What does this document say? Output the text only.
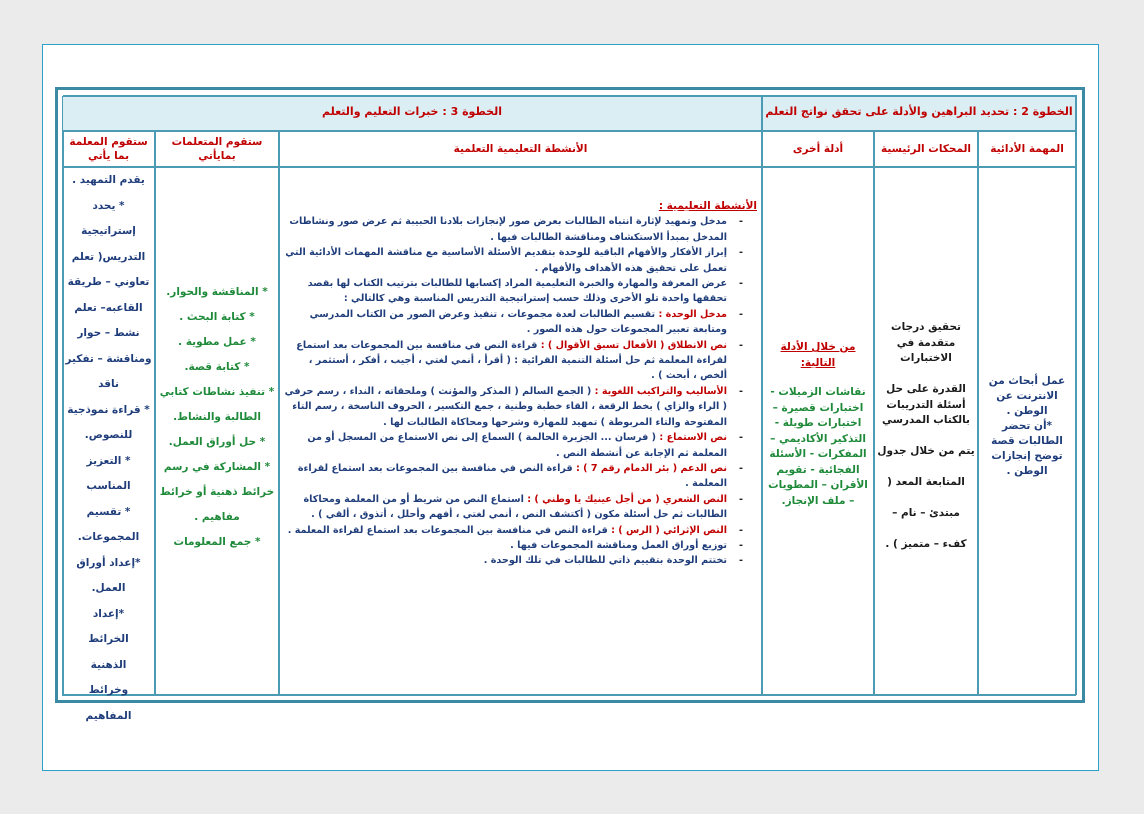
الخطوة 2 : تحديد البراهين والأدلة على تحقق نواتج التعلم
الخطوة 3 : خبرات التعليم والتعلم
المهمة الأدائية
المحكات الرئيسية
أدلة أخرى
الأنشطة التعليمية التعلمية
ستقوم المتعلمات بمايأتي
ستقوم المعلمة بما يأتي

عمل أبحاث من

الانترنت عن

الوطن .

*أن تحضر

الطالبات قصة

توضح إنجازات

الوطن .

تحقيق درجات

متقدمة في

الاختبارات

القدرة على حل

أسئلة التدريبات

بالكتاب المدرسي

يتم من خلال جدول

المتابعة المعد (

مبتدئ – نام –

كفء – متميز ) .

من خلال الأدلة

التالية:

نقاشات الزميلات -

اختبارات قصيرة –

اختبارات طويلة -

التذكير الأكاديمي –

المفكرات - الأسئلة

الفجائية - تقويم

الأقران – المطويات

– ملف الإنجاز.

الأنشطة التعليمية :

- مدخل وتمهيد لإثارة انتباه الطالبات بعرض صور لإنجازات بلادنا الحبيبة ثم عرض صور ونشاطات المدخل بمبدأ الاستكشاف ومناقشة الطالبات فيها .

- إبراز الأفكار والأفهام الباقية للوحدة بتقديم الأسئلة الأساسية مع مناقشة المهمات الأدائية التي تعمل على تحقيق هذه الأهداف والأفهام .

- عرض المعرفة والمهارة والخبرة التعليمية المراد إكسابها للطالبات بترتيب الكتاب لها بقصد تحققها واحدة تلو الأخرى وذلك حسب إستراتيجية التدريس المناسبة وهي كالتالي :

- مدخل الوحدة : تقسيم الطالبات لعدة مجموعات ، تنفيذ وعرض الصور من الكتاب المدرسي ومتابعة تعبير المجموعات حول هذه الصور .

- نص الانطلاق ( الأفعال تسبق الأقوال ) : قراءة النص في منافسة بين المجموعات بعد استماع لقراءة المعلمة ثم حل أسئلة التنمية القرائية : ( أقرأ ، أنمي لغتي ، أجيب ، أفكر ، أستثمر ، ألخص ، أبحث ) .

- الأساليب والتراكيب اللغوية : ( الجمع السالم ( المذكر والمؤنث ) وملحقاته ، النداء ، رسم حرفي ( الراء والزاي ) بخط الرقعة ، القاء خطبة وطنية ، جمع التكسير ، الحروف الناسخة ، رسم التاء المفتوحة والتاء المربوطة ) تمهيد للمهارة وشرحها ومحاكاة الطالبات لها .

- نص الاستماع : ( فرسان ... الجزيرة الحالمة ) السماع إلى نص الاستماع من المسجل أو من المعلمة ثم الإجابة عن أنشطة النص .

- نص الدعم ( بئر الدمام رقم 7 ) : قراءة النص في منافسة بين المجموعات بعد استماع لقراءة المعلمة .

- النص الشعري ( من أجل عينيك يا وطني ) : استماع النص من شريط أو من المعلمة ومحاكاة الطالبات ثم حل أسئلة مكون ( أكتشف النص ، أنمي لغتي ، أفهم وأحلل ، أتذوق ، ألقي ) .

- النص الإثرائي ( الرس ) : قراءة النص في منافسة بين المجموعات بعد استماع لقراءة المعلمة .

- توزيع أوراق العمل ومناقشة المجموعات فيها .

- تختتم الوحدة بتقييم ذاتي للطالبات في تلك الوحدة .

* المناقشة والحوار.

* كتابة البحث .

* عمل مطوية .

* كتابة قصة.

* تنفيذ نشاطات كتابي

الطالبة والنشاط.

* حل أوراق العمل.

* المشاركة في رسم

خرائط ذهنية أو خرائط

مفاهيم .

* جمع المعلومات

يقدم التمهيد .

* يحدد

إستراتيجية

التدريس( تعلم

تعاوني – طريقة

القاعبه– تعلم

نشط – حوار

ومناقشة – تفكير

ناقد

* قراءة نموذجية

للنصوص.

* التعزيز المناسب

* تقسيم

المجموعات.

*إعداد أوراق

العمل.

*إعداد

الخرائط

الذهنية

وخرائط

المفاهيم
